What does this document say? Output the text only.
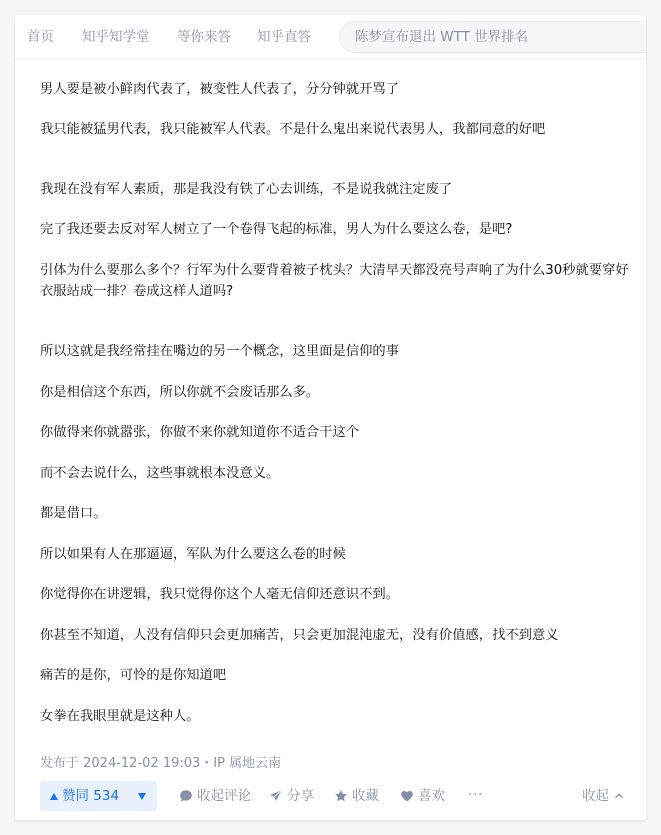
首页 知乎知学堂 等你来答 知乎直答	陈梦宣布退出 WTT 世界排名

男人要是被小鲜肉代表了，被变性人代表了，分分钟就开骂了

我只能被猛男代表，我只能被军人代表。不是什么鬼出来说代表男人，我都同意的好吧

我现在没有军人素质，那是我没有铁了心去训练，不是说我就注定废了

完了我还要去反对军人树立了一个卷得飞起的标准，男人为什么要这么卷，是吧?

引体为什么要那么多个？行军为什么要背着被子枕头？大清早天都没亮号声响了为什么30秒就要穿好衣服站成一排？卷成这样人道吗?

所以这就是我经常挂在嘴边的另一个概念，这里面是信仰的事

你是相信这个东西，所以你就不会废话那么多。

你做得来你就嚣张，你做不来你就知道你不适合干这个

而不会去说什么，这些事就根本没意义。

都是借口。

所以如果有人在那逼逼，军队为什么要这么卷的时候

你觉得你在讲逻辑，我只觉得你这个人毫无信仰还意识不到。

你甚至不知道，人没有信仰只会更加痛苦，只会更加混沌虚无，没有价值感，找不到意义

痛苦的是你，可怜的是你知道吧

女拳在我眼里就是这种人。

发布于 2024-12-02 19:03・IP 属地云南
赞同 534	收起评论	分享	收藏	喜欢 ···	收起
